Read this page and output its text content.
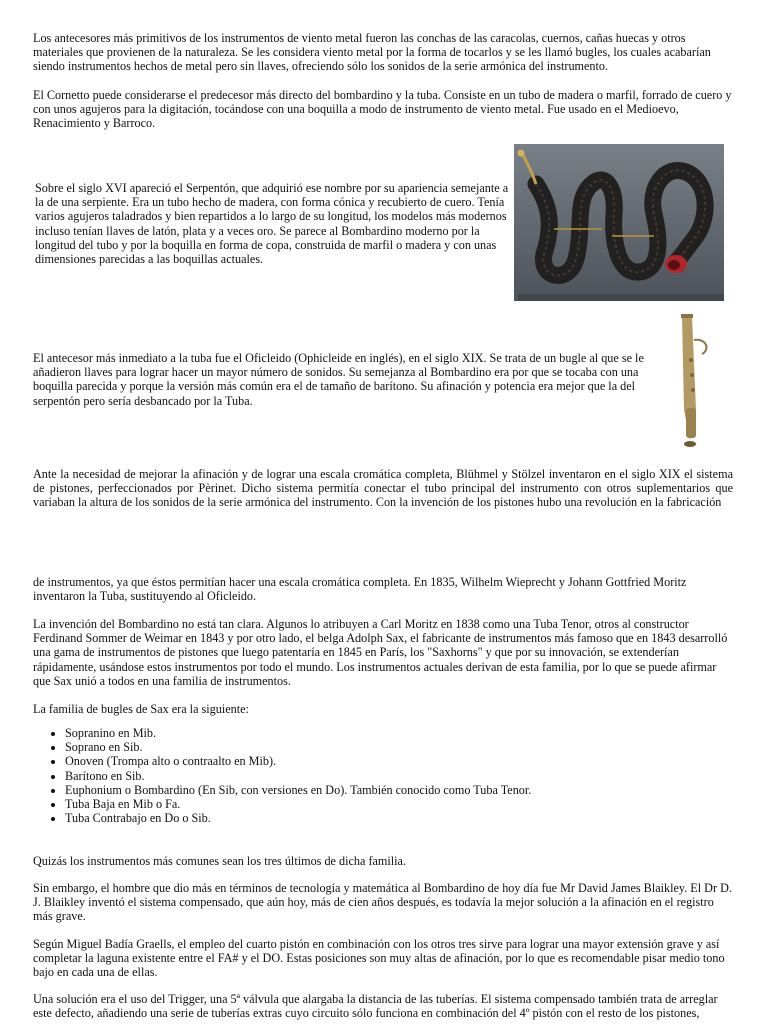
Los antecesores más primitivos de los instrumentos de viento metal fueron las conchas de las caracolas, cuernos, cañas huecas y otros materiales que provienen de la naturaleza. Se les considera viento metal por la forma de tocarlos y se les llamó bugles, los cuales acabarían siendo instrumentos hechos de metal pero sin llaves, ofreciendo sólo los sonidos de la serie armónica del instrumento.

El Cornetto puede considerarse el predecesor más directo del bombardino y la tuba. Consiste en un tubo de madera o marfil, forrado de cuero y con unos agujeros para la digitación, tocándose con una boquilla a modo de instrumento de viento metal. Fue usado en el Medioevo, Renacimiento y Barroco.

Sobre el siglo XVI apareció el Serpentón, que adquirió ese nombre por su apariencia semejante a la de una serpiente. Era un tubo hecho de madera, con forma cónica y recubierto de cuero. Tenía varios agujeros taladrados y bien repartidos a lo largo de su longitud, los modelos más modernos incluso tenían llaves de latón, plata y a veces oro. Se parece al Bombardino moderno por la longitud del tubo y por la boquilla en forma de copa, construida de marfil o madera y con unas dimensiones parecidas a las boquillas actuales.

El antecesor más inmediato a la tuba fue el Oficleido (Ophicleide en inglés), en el siglo XIX. Se trata de un bugle al que se le añadieron llaves para lograr hacer un mayor número de sonidos. Su semejanza al Bombardino era por que se tocaba con una boquilla parecida y porque la versión más común era el de tamaño de barítono. Su afinación y potencia era mejor que la del serpentón pero sería desbancado por la Tuba.

Ante la necesidad de mejorar la afinación y de lograr una escala cromática completa, Blühmel y Stölzel inventaron en el siglo XIX el sistema de pistones, perfeccionados por Pèrinet. Dicho sistema permitía conectar el tubo principal del instrumento con otros suplementarios que variaban la altura de los sonidos de la serie armónica del instrumento. Con la invención de los pistones hubo una revolución en la fabricación

de instrumentos, ya que éstos permitían hacer una escala cromática completa. En 1835, Wilhelm Wieprecht y Johann Gottfried Moritz inventaron la Tuba, sustituyendo al Oficleido.

La invención del Bombardino no está tan clara. Algunos lo atribuyen a Carl Moritz en 1838 como una Tuba Tenor, otros al constructor Ferdinand Sommer de Weimar en 1843 y por otro lado, el belga Adolph Sax, el fabricante de instrumentos más famoso que en 1843 desarrolló una gama de instrumentos de pistones que luego patentaría en 1845 en París, los "Saxhorns" y que por su innovación, se extenderían rápidamente, usándose estos instrumentos por todo el mundo. Los instrumentos actuales derivan de esta familia, por lo que se puede afirmar que Sax unió a todos en una familia de instrumentos.

La familia de bugles de Sax era la siguiente:

• Sopranino en Mib.
• Soprano en Sib.
• Onoven (Trompa alto o contraalto en Mib).
• Barítono en Sib.
• Euphonium o Bombardino (En Sib, con versiones en Do). También conocido como Tuba Tenor.
• Tuba Baja en Mib o Fa.
• Tuba Contrabajo en Do o Sib.

Quizás los instrumentos más comunes sean los tres últimos de dicha familia.

Sin embargo, el hombre que dio más en términos de tecnología y matemática al Bombardino de hoy día fue Mr David James Blaikley. El Dr D. J. Blaikley inventó el sistema compensado, que aún hoy, más de cien años después, es todavía la mejor solución a la afinación en el registro más grave.

Según Miguel Badía Graells, el empleo del cuarto pistón en combinación con los otros tres sirve para lograr una mayor extensión grave y así completar la laguna existente entre el FA# y el DO. Estas posiciones son muy altas de afinación, por lo que es recomendable pisar medio tono bajo en cada una de ellas.

Una solución era el uso del Trigger, una 5ª válvula que alargaba la distancia de las tuberías. El sistema compensado también trata de arreglar este defecto, añadiendo una serie de tuberías extras cuyo circuito sólo funciona en combinación del 4º pistón con el resto de los pistones,
